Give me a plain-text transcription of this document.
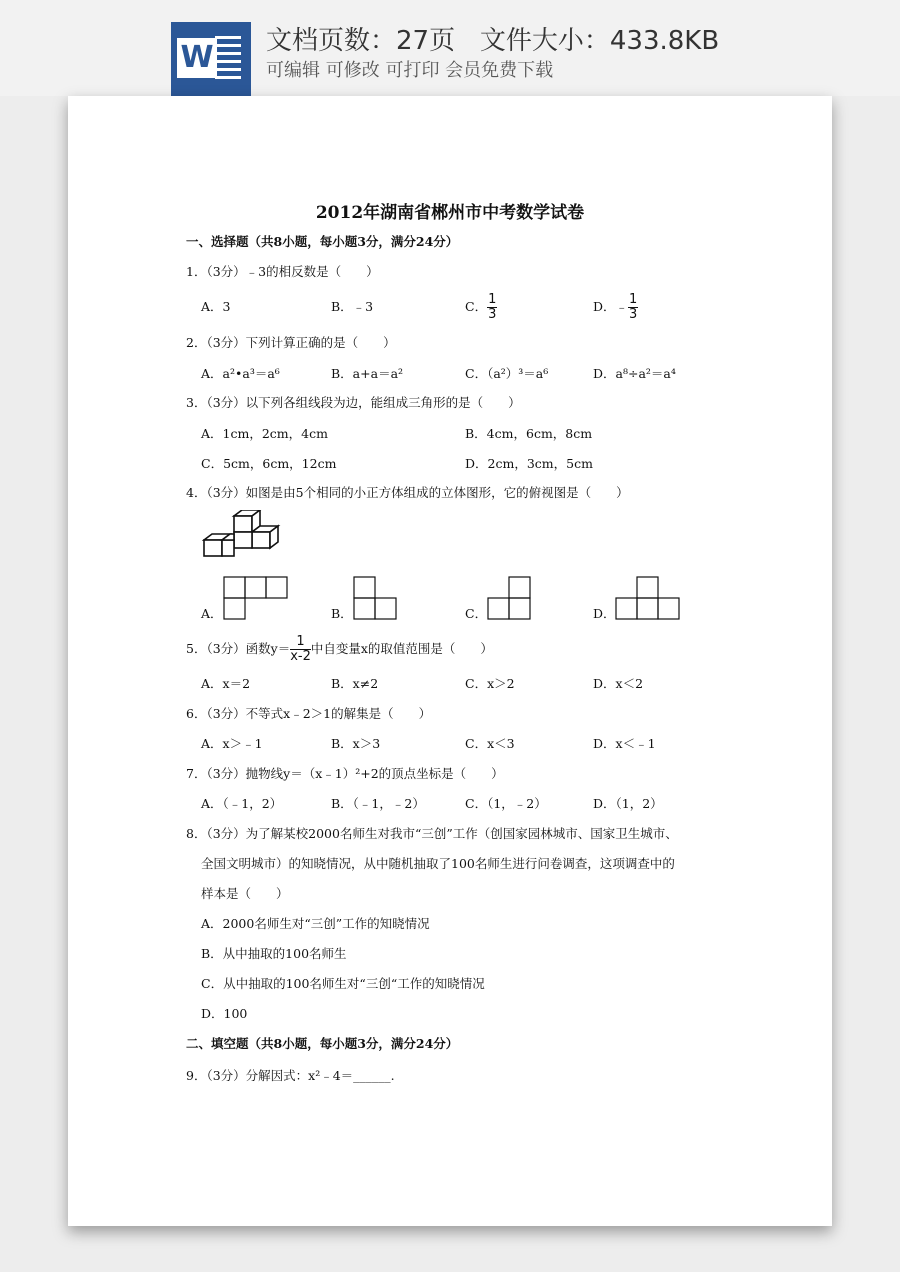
W 文档页数：27页   文件大小：433.8KB
可编辑 可修改 可打印 会员免费下载
2012年湖南省郴州市中考数学试卷
一、选择题（共8小题，每小题3分，满分24分）
1．（3分）﹣3的相反数是（　　）
A．3	B．﹣3	C． $\frac{1}{3}$	D．﹣ $\frac{1}{3}$
2．（3分）下列计算正确的是（　　）
A．a²•a³＝a⁶	B．a+a＝a²	C．（a²）³＝a⁶	D．a⁸÷a²＝a⁴
3．（3分）以下列各组线段为边，能组成三角形的是（　　）
A．1cm，2cm，4cm	B．4cm，6cm，8cm
C．5cm，6cm，12cm	D．2cm，3cm，5cm
4．（3分）如图是由5个相同的小正方体组成的立体图形，它的俯视图是（　　）
A．	B．	C．	D．
5．（3分）函数$y= \frac{1}{x-2}$ 中自变量x的取值范围是（　　）
A．x＝2	B．x≠2	C．x＞2	D．x＜2
6．（3分）不等式x﹣2＞1的解集是（　　）
A．x＞﹣1	B．x＞3	C．x＜3	D．x＜﹣1
7．（3分）抛物线y＝（x﹣1）²+2的顶点坐标是（　　）
A．（﹣1，2）	B．（﹣1，﹣2）	C．（1，﹣2）	D．（1，2）
8．（3分）为了解某校2000名师生对我市“三创”工作（创国家园林城市、国家卫生城市、
全国文明城市）的知晓情况，从中随机抽取了100名师生进行问卷调查，这项调查中的
样本是（　　）
A．2000名师生对“三创”工作的知晓情况
B．从中抽取的100名师生
C．从中抽取的100名师生对“三创“工作的知晓情况
D．100
二、填空题（共8小题，每小题3分，满分24分）
9．（3分）分解因式：x²﹣4＝______.
